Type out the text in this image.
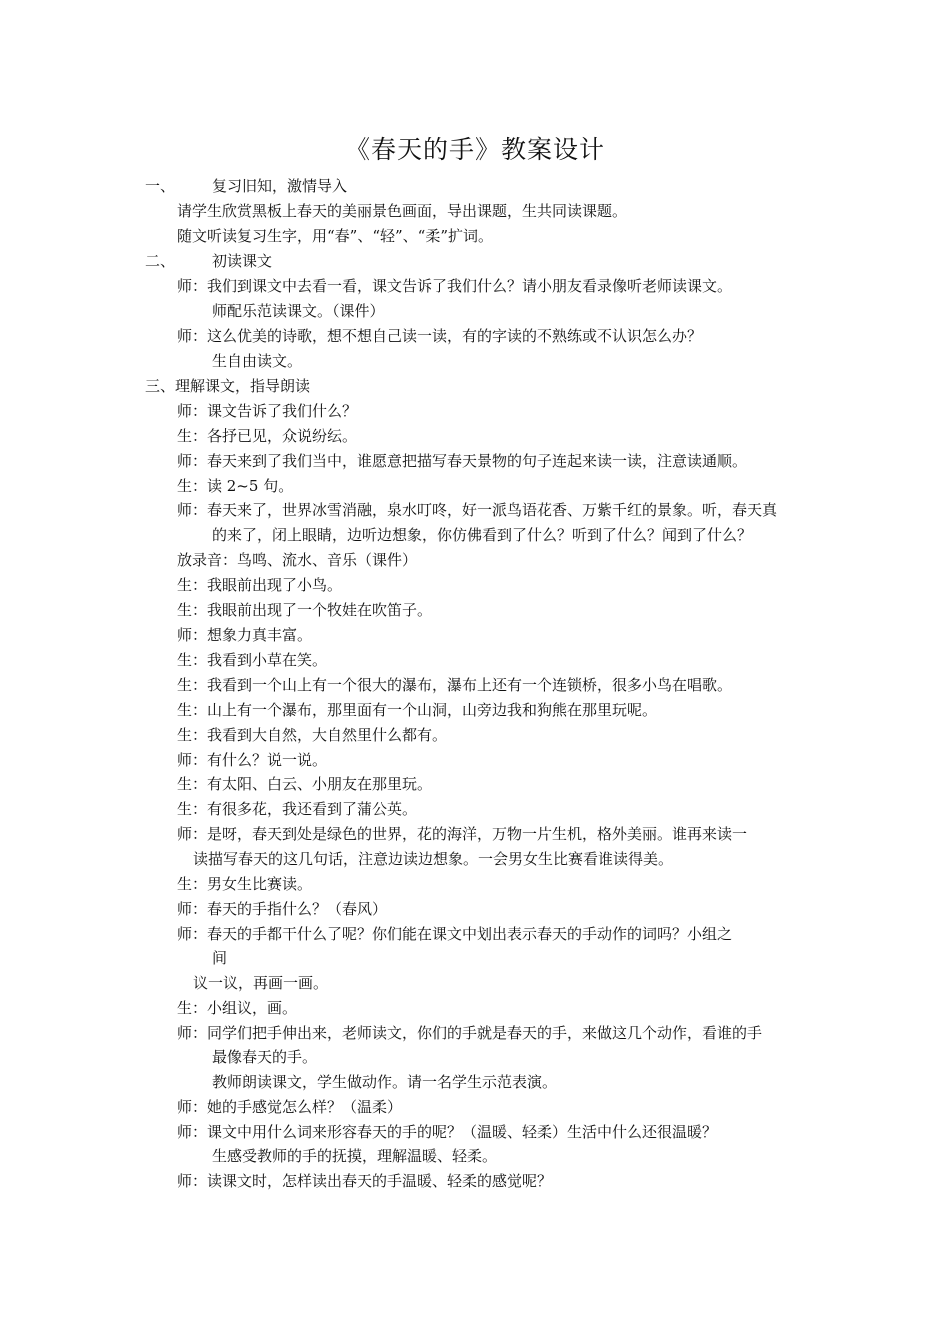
《春天的手》教案设计
一、 复习旧知，激情导入
请学生欣赏黑板上春天的美丽景色画面，导出课题，生共同读课题。
随文听读复习生字，用“春”、“轻”、“柔”扩词。
二、 初读课文
师：我们到课文中去看一看，课文告诉了我们什么？请小朋友看录像听老师读课文。
师配乐范读课文。（课件）
师：这么优美的诗歌，想不想自己读一读，有的字读的不熟练或不认识怎么办？
生自由读文。
三、理解课文，指导朗读
师：课文告诉了我们什么？
生：各抒已见，众说纷纭。
师：春天来到了我们当中，谁愿意把描写春天景物的句子连起来读一读，注意读通顺。
生：读 2~5 句。
师：春天来了，世界冰雪消融，泉水叮咚，好一派鸟语花香、万紫千红的景象。听，春天真
的来了，闭上眼睛，边听边想象，你仿佛看到了什么？听到了什么？闻到了什么？
放录音：鸟鸣、流水、音乐（课件）
生：我眼前出现了小鸟。
生：我眼前出现了一个牧娃在吹笛子。
师：想象力真丰富。
生：我看到小草在笑。
生：我看到一个山上有一个很大的瀑布，瀑布上还有一个连锁桥，很多小鸟在唱歌。
生：山上有一个瀑布，那里面有一个山洞，山旁边我和狗熊在那里玩呢。
生：我看到大自然，大自然里什么都有。
师：有什么？说一说。
生：有太阳、白云、小朋友在那里玩。
生：有很多花，我还看到了蒲公英。
师：是呀，春天到处是绿色的世界，花的海洋，万物一片生机，格外美丽。谁再来读一
读描写春天的这几句话，注意边读边想象。一会男女生比赛看谁读得美。
生：男女生比赛读。
师：春天的手指什么？（春风）
师：春天的手都干什么了呢？你们能在课文中划出表示春天的手动作的词吗？小组之
间
议一议，再画一画。
生：小组议，画。
师：同学们把手伸出来，老师读文，你们的手就是春天的手，来做这几个动作，看谁的手
最像春天的手。
教师朗读课文，学生做动作。请一名学生示范表演。
师：她的手感觉怎么样？（温柔）
师：课文中用什么词来形容春天的手的呢？（温暖、轻柔）生活中什么还很温暖？
生感受教师的手的抚摸，理解温暖、轻柔。
师：读课文时，怎样读出春天的手温暖、轻柔的感觉呢？
